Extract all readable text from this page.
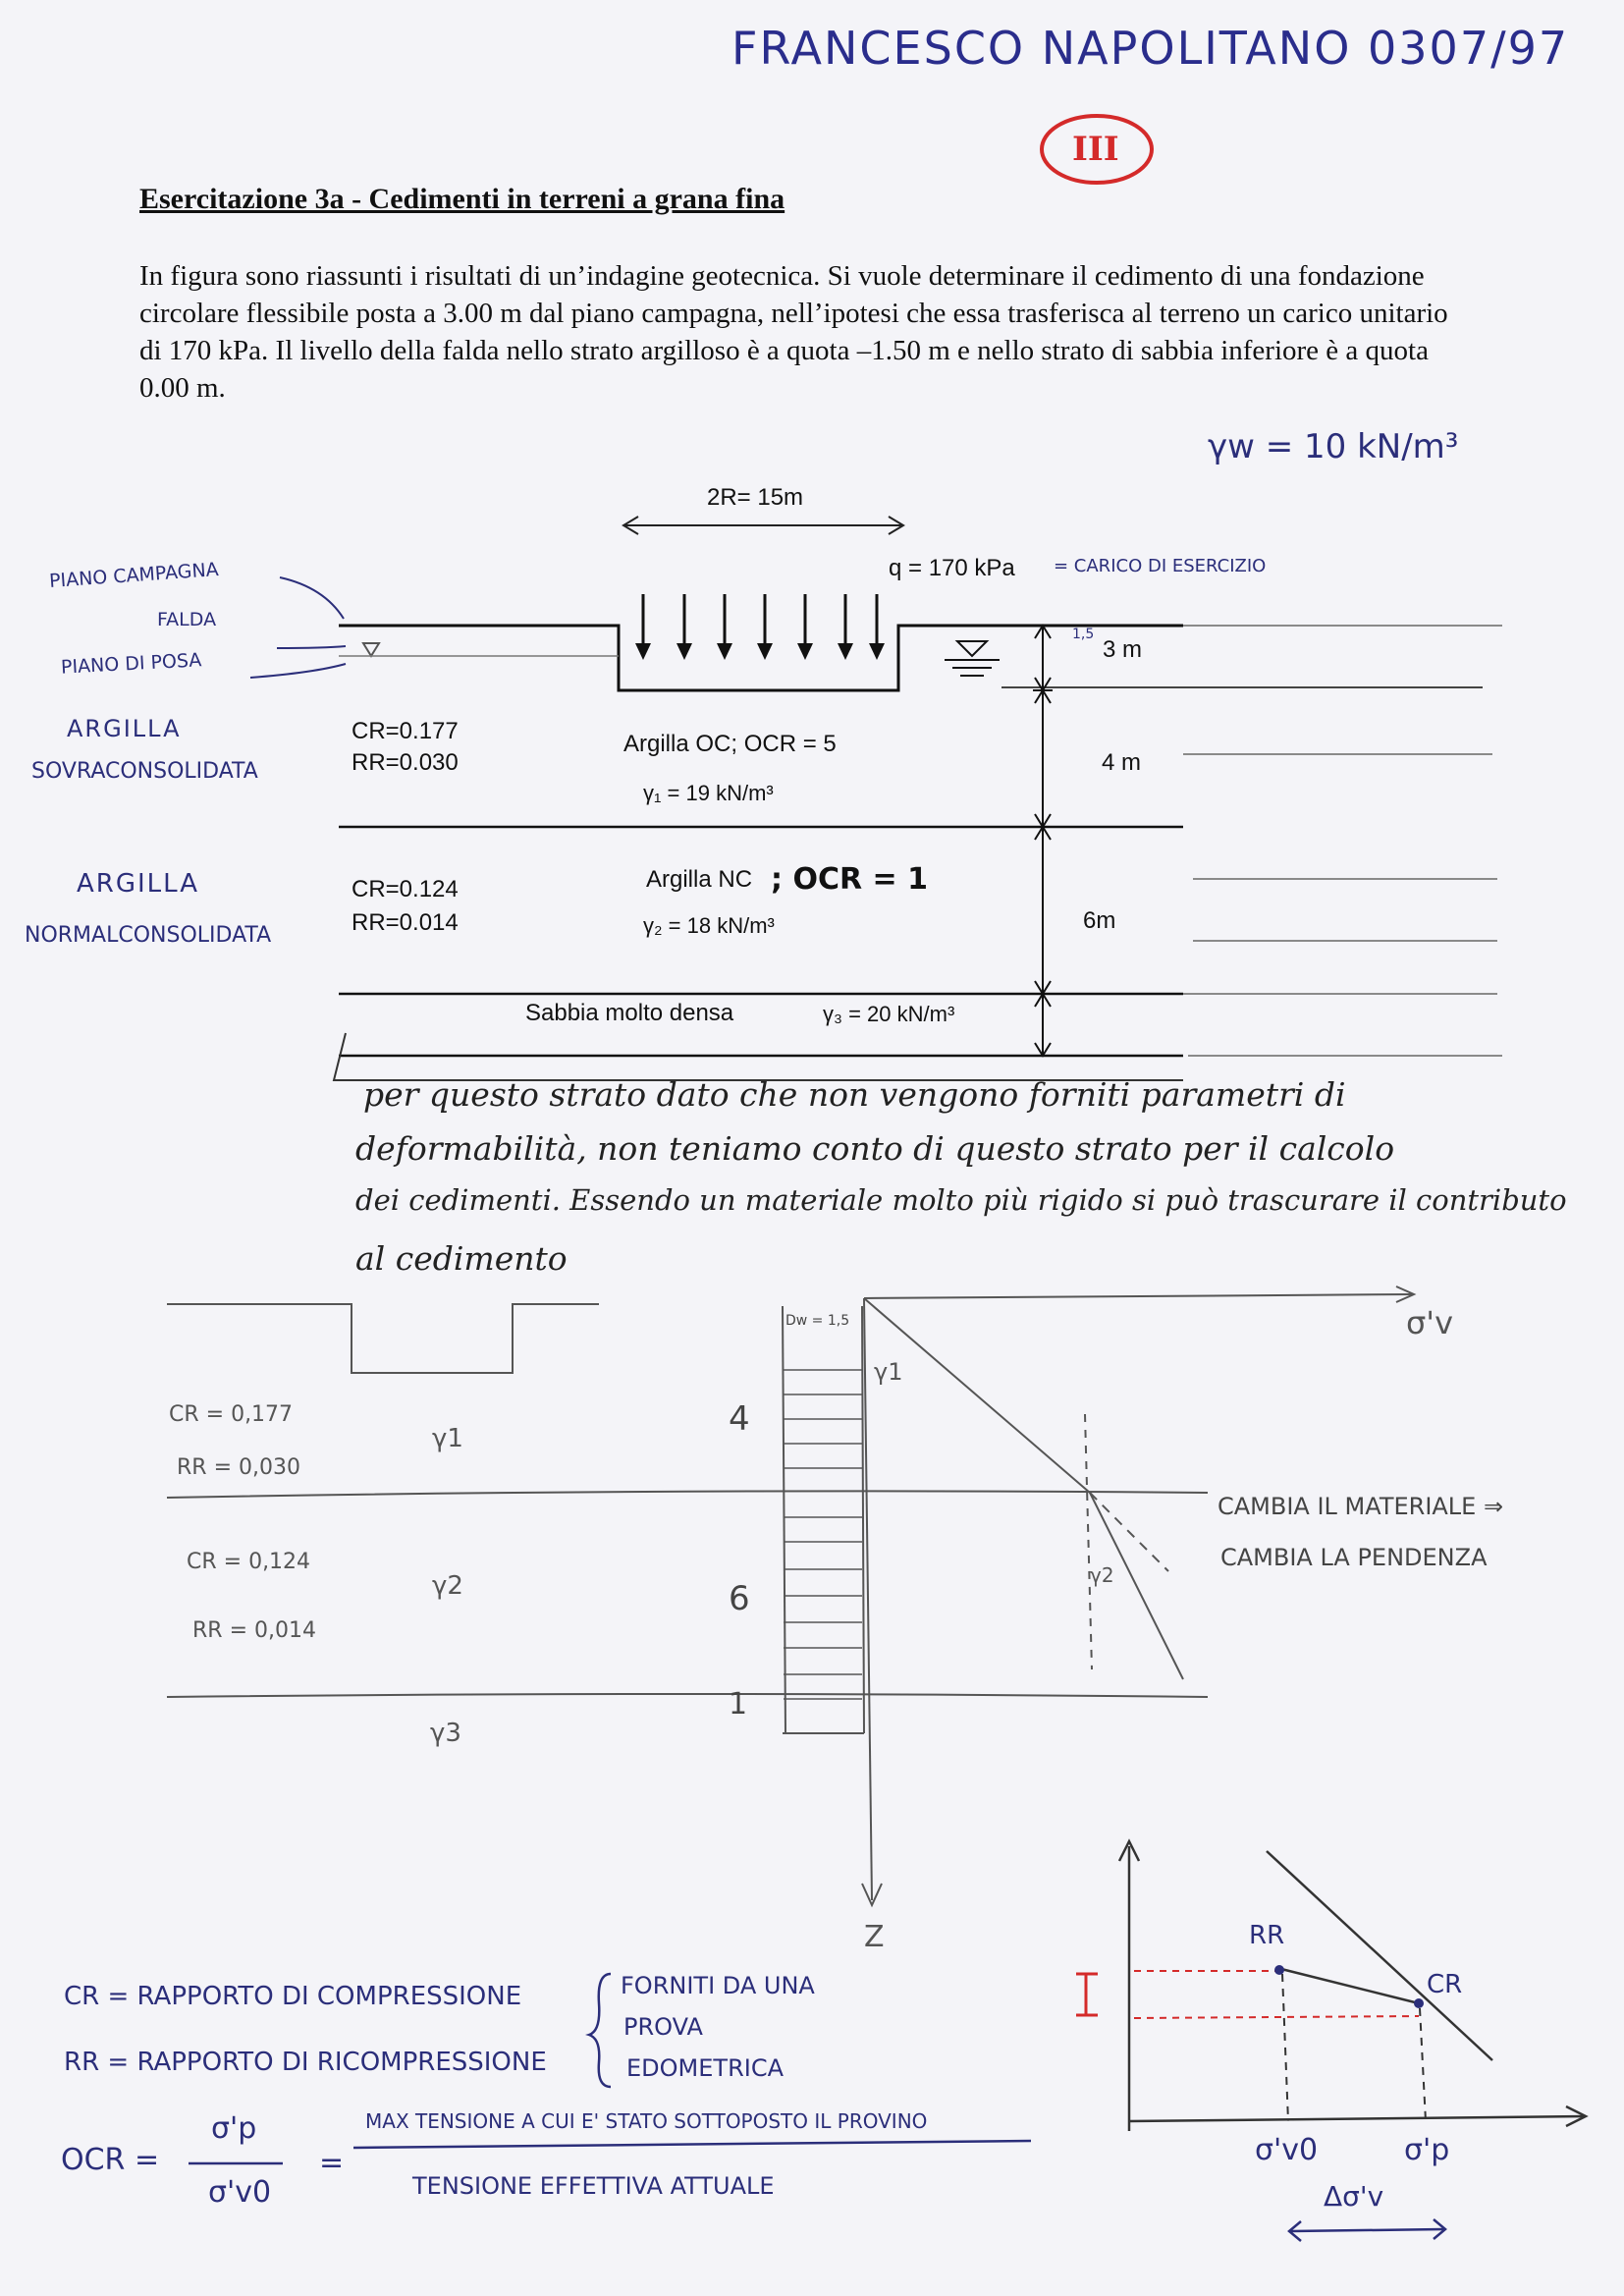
FRANCESCO NAPOLITANO 0307/97
III
Esercitazione 3a - Cedimenti in terreni a grana fina
In figura sono riassunti i risultati di un’indagine geotecnica. Si vuole determinare il cedimento di una fondazione circolare flessibile posta a 3.00 m dal piano campagna, nell’ipotesi che essa trasferisca al terreno un carico unitario di 170 kPa. Il livello della falda nello strato argilloso è a quota –1.50 m e nello strato di sabbia inferiore è a quota 0.00 m.
γw = 10 kN/m³
2R= 15m
q = 170 kPa = CARICO DI ESERCIZIO
PIANO CAMPAGNA
FALDA
PIANO DI POSA
1,5
3 m
4 m
6m
ARGILLA
SOVRACONSOLIDATA
CR=0.177
RR=0.030
Argilla OC; OCR = 5
γ₁ = 19 kN/m³
ARGILLA
NORMALCONSOLIDATA
CR=0.124
RR=0.014
Argilla NC ; OCR = 1
γ₂ = 18 kN/m³
Sabbia molto densa	γ₃ = 20 kN/m³
per questo strato dato che non vengono forniti parametri di
deformabilità, non teniamo conto di questo strato per il calcolo
dei cedimenti. Essendo un materiale molto più rigido si può trascurare il contributo
al cedimento
σ'v
Z
Dw = 1,5
γ1
γ1
γ2	γ2
γ3
CR = 0,177
RR = 0,030
CR = 0,124
RR = 0,014
4
6
1
CAMBIA IL MATERIALE ⇒
CAMBIA LA PENDENZA
CR = RAPPORTO DI COMPRESSIONE
RR = RAPPORTO DI RICOMPRESSIONE
FORNITI DA UNA
PROVA
EDOMETRICA
OCR =
σ'p
σ'v0
=
MAX TENSIONE A CUI E' STATO SOTTOPOSTO IL PROVINO
TENSIONE EFFETTIVA ATTUALE
RR
CR
σ'v0	σ'p
Δσ'v
